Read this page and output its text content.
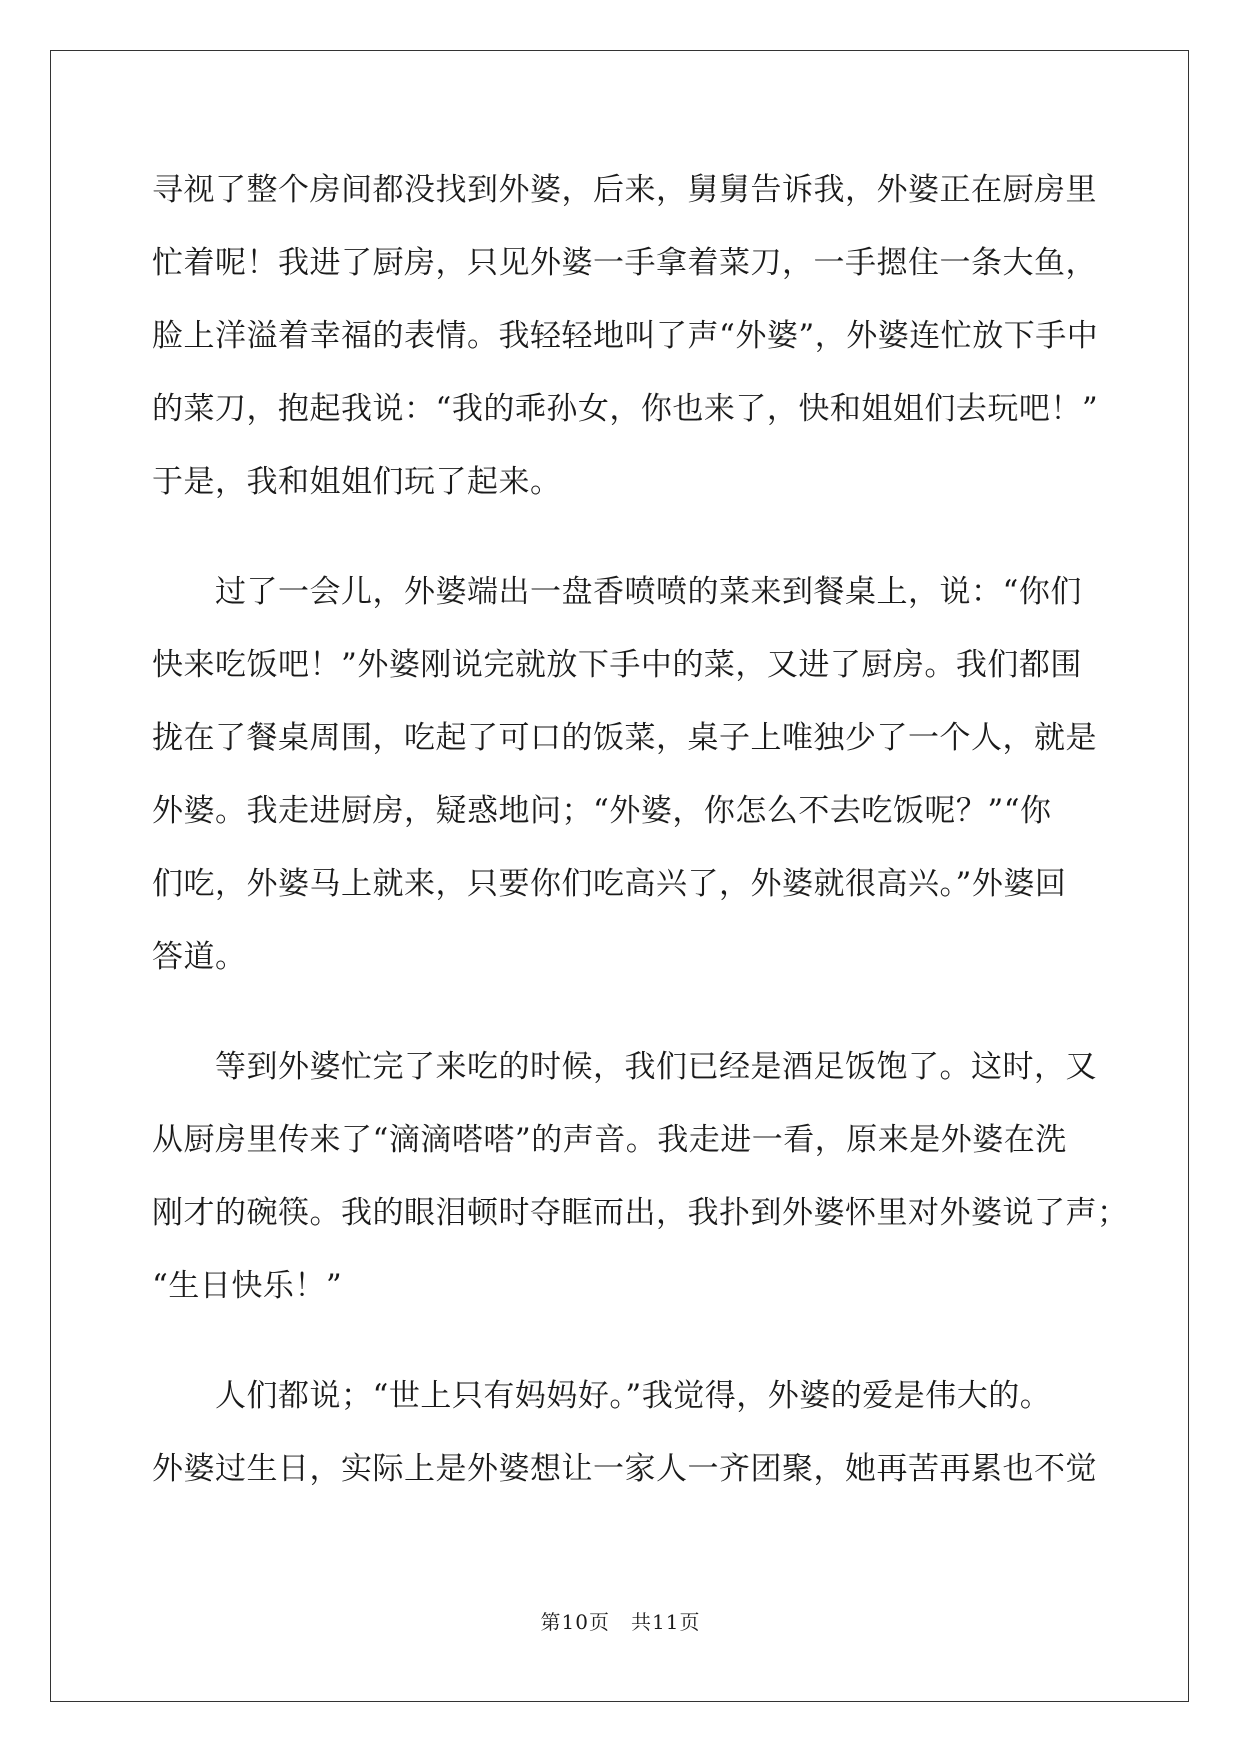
寻视了整个房间都没找到外婆，后来，舅舅告诉我，外婆正在厨房里
忙着呢！我进了厨房，只见外婆一手拿着菜刀，一手摁住一条大鱼，
脸上洋溢着幸福的表情。我轻轻地叫了声“外婆”，外婆连忙放下手中
的菜刀，抱起我说：“我的乖孙女，你也来了，快和姐姐们去玩吧！”
于是，我和姐姐们玩了起来。
　　过了一会儿，外婆端出一盘香喷喷的菜来到餐桌上，说：“你们
快来吃饭吧！”外婆刚说完就放下手中的菜，又进了厨房。我们都围
拢在了餐桌周围，吃起了可口的饭菜，桌子上唯独少了一个人，就是
外婆。我走进厨房，疑惑地问；“外婆，你怎么不去吃饭呢？”“你
们吃，外婆马上就来，只要你们吃高兴了，外婆就很高兴。”外婆回
答道。
　　等到外婆忙完了来吃的时候，我们已经是酒足饭饱了。这时，又
从厨房里传来了“滴滴嗒嗒”的声音。我走进一看，原来是外婆在洗
刚才的碗筷。我的眼泪顿时夺眶而出，我扑到外婆怀里对外婆说了声；
“生日快乐！”
　　人们都说；“世上只有妈妈好。”我觉得，外婆的爱是伟大的。
外婆过生日，实际上是外婆想让一家人一齐团聚，她再苦再累也不觉
第10页　共11页
